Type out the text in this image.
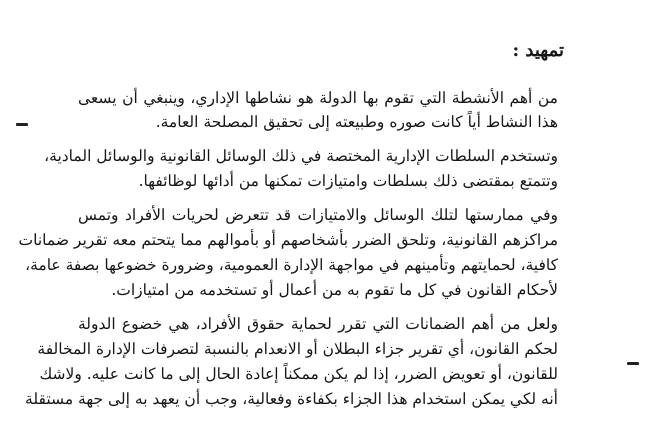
تمهيد :
من أهم الأنشطة التي تقوم بها الدولة هو نشاطها الإداري، وينبغي أن يسعى
هذا النشاط أياً كانت صوره وطبيعته إلى تحقيق المصلحة العامة.
وتستخدم السلطات الإدارية المختصة في ذلك الوسائل القانونية والوسائل المادية،
وتتمتع بمقتضى ذلك بسلطات وامتيازات تمكنها من أدائها لوظائفها.
وفي ممارستها لتلك الوسائل والامتيازات قد تتعرض لحريات الأفراد وتمس
مراكزهم القانونية، وتلحق الضرر بأشخاصهم أو بأموالهم مما يتحتم معه تقرير ضمانات
كافية، لحمايتهم وتأمينهم في مواجهة الإدارة العمومية، وضرورة خضوعها بصفة عامة،
لأحكام القانون في كل ما تقوم به من أعمال أو تستخدمه من امتيازات.
ولعل من أهم الضمانات التي تقرر لحماية حقوق الأفراد، هي خضوع الدولة
لحكم القانون، أي تقرير جزاء البطلان أو الانعدام بالنسبة لتصرفات الإدارة المخالفة
للقانون، أو تعويض الضرر، إذا لم يكن ممكناً إعادة الحال إلى ما كانت عليه. ولاشك
أنه لكي يمكن استخدام هذا الجزاء بكفاءة وفعالية، وجب أن يعهد به إلى جهة مستقلة
